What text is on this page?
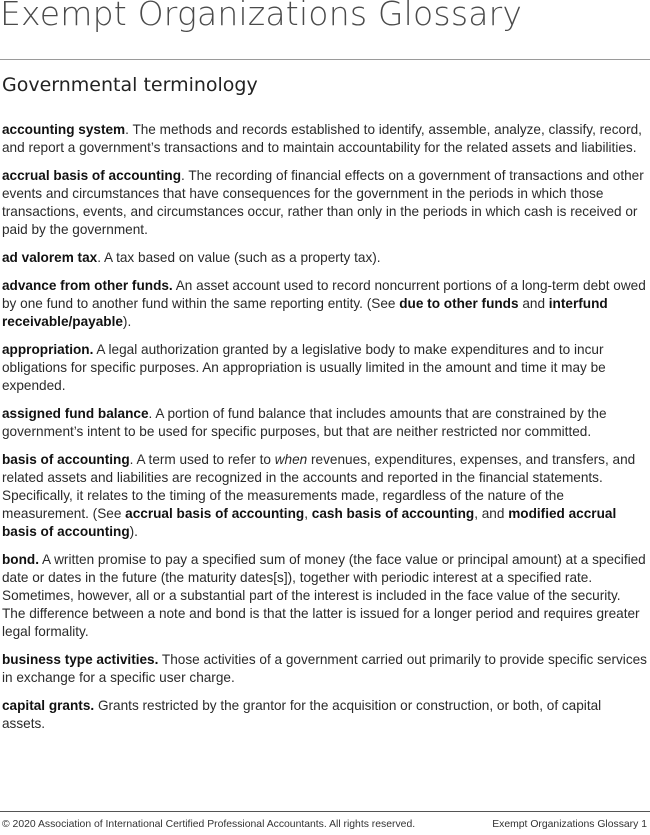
Exempt Organizations Glossary
Governmental terminology

accounting system. The methods and records established to identify, assemble, analyze, classify, record, and report a government’s transactions and to maintain accountability for the related assets and liabilities.

accrual basis of accounting. The recording of financial effects on a government of transactions and other events and circumstances that have consequences for the government in the periods in which those transactions, events, and circumstances occur, rather than only in the periods in which cash is received or paid by the government.

ad valorem tax. A tax based on value (such as a property tax).

advance from other funds. An asset account used to record noncurrent portions of a long-term debt owed by one fund to another fund within the same reporting entity. (See due to other funds and interfund receivable/payable).

appropriation. A legal authorization granted by a legislative body to make expenditures and to incur obligations for specific purposes. An appropriation is usually limited in the amount and time it may be expended.

assigned fund balance. A portion of fund balance that includes amounts that are constrained by the government’s intent to be used for specific purposes, but that are neither restricted nor committed.

basis of accounting. A term used to refer to when revenues, expenditures, expenses, and transfers, and related assets and liabilities are recognized in the accounts and reported in the financial statements. Specifically, it relates to the timing of the measurements made, regardless of the nature of the measurement. (See accrual basis of accounting, cash basis of accounting, and modified accrual basis of accounting).

bond. A written promise to pay a specified sum of money (the face value or principal amount) at a specified date or dates in the future (the maturity dates[s]), together with periodic interest at a specified rate. Sometimes, however, all or a substantial part of the interest is included in the face value of the security. The difference between a note and bond is that the latter is issued for a longer period and requires greater legal formality.

business type activities. Those activities of a government carried out primarily to provide specific services in exchange for a specific user charge.

capital grants. Grants restricted by the grantor for the acquisition or construction, or both, of capital assets.

© 2020 Association of International Certified Professional Accountants. All rights reserved.	Exempt Organizations Glossary 1
